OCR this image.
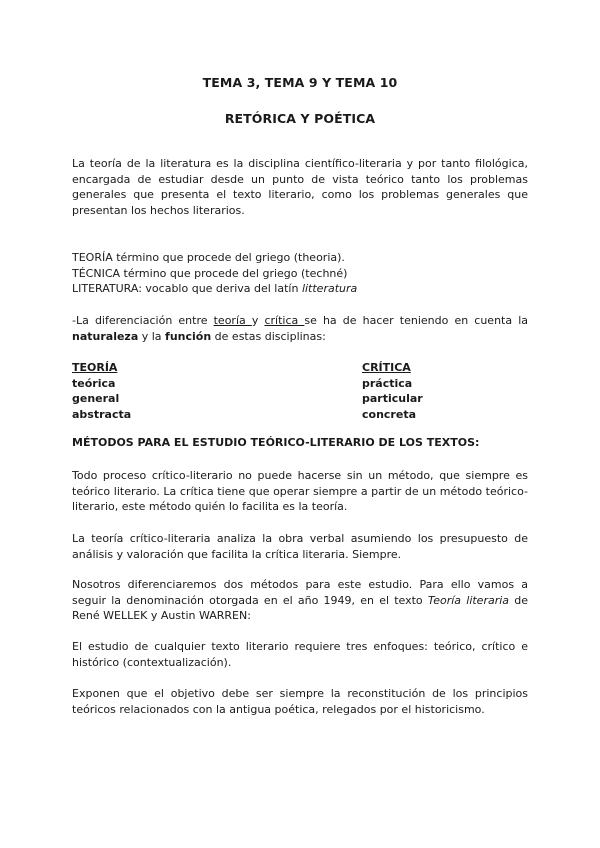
TEMA 3, TEMA 9 Y TEMA 10
RETÓRICA Y POÉTICA
La teoría de la literatura es la disciplina científico-literaria y por tanto filológica, encargada de estudiar desde un punto de vista teórico tanto los problemas generales que presenta el texto literario, como los problemas generales que presentan los hechos literarios.
TEORÍA término que procede del griego (theoria).
TÉCNICA término que procede del griego (techné)
LITERATURA: vocablo que deriva del latín litteratura
-La diferenciación entre teoría y crítica se ha de hacer teniendo en cuenta la naturaleza y la función de estas disciplinas:
TEORÍA
teórica
general
abstracta
CRÍTICA
práctica
particular
concreta
MÉTODOS PARA EL ESTUDIO TEÓRICO-LITERARIO DE LOS TEXTOS:
Todo proceso crítico-literario no puede hacerse sin un método, que siempre es teórico literario. La crítica tiene que operar siempre a partir de un método teórico-literario, este método quién lo facilita es la teoría.
La teoría crítico-literaria analiza la obra verbal asumiendo los presupuesto de análisis y valoración que facilita la crítica literaria. Siempre.
Nosotros diferenciaremos dos métodos para este estudio. Para ello vamos a seguir la denominación otorgada en el año 1949, en el texto Teoría literaria de René WELLEK y Austin WARREN:
El estudio de cualquier texto literario requiere tres enfoques: teórico, crítico e histórico (contextualización).
Exponen que el objetivo debe ser siempre la reconstitución de los principios teóricos relacionados con la antigua poética, relegados por el historicismo.
